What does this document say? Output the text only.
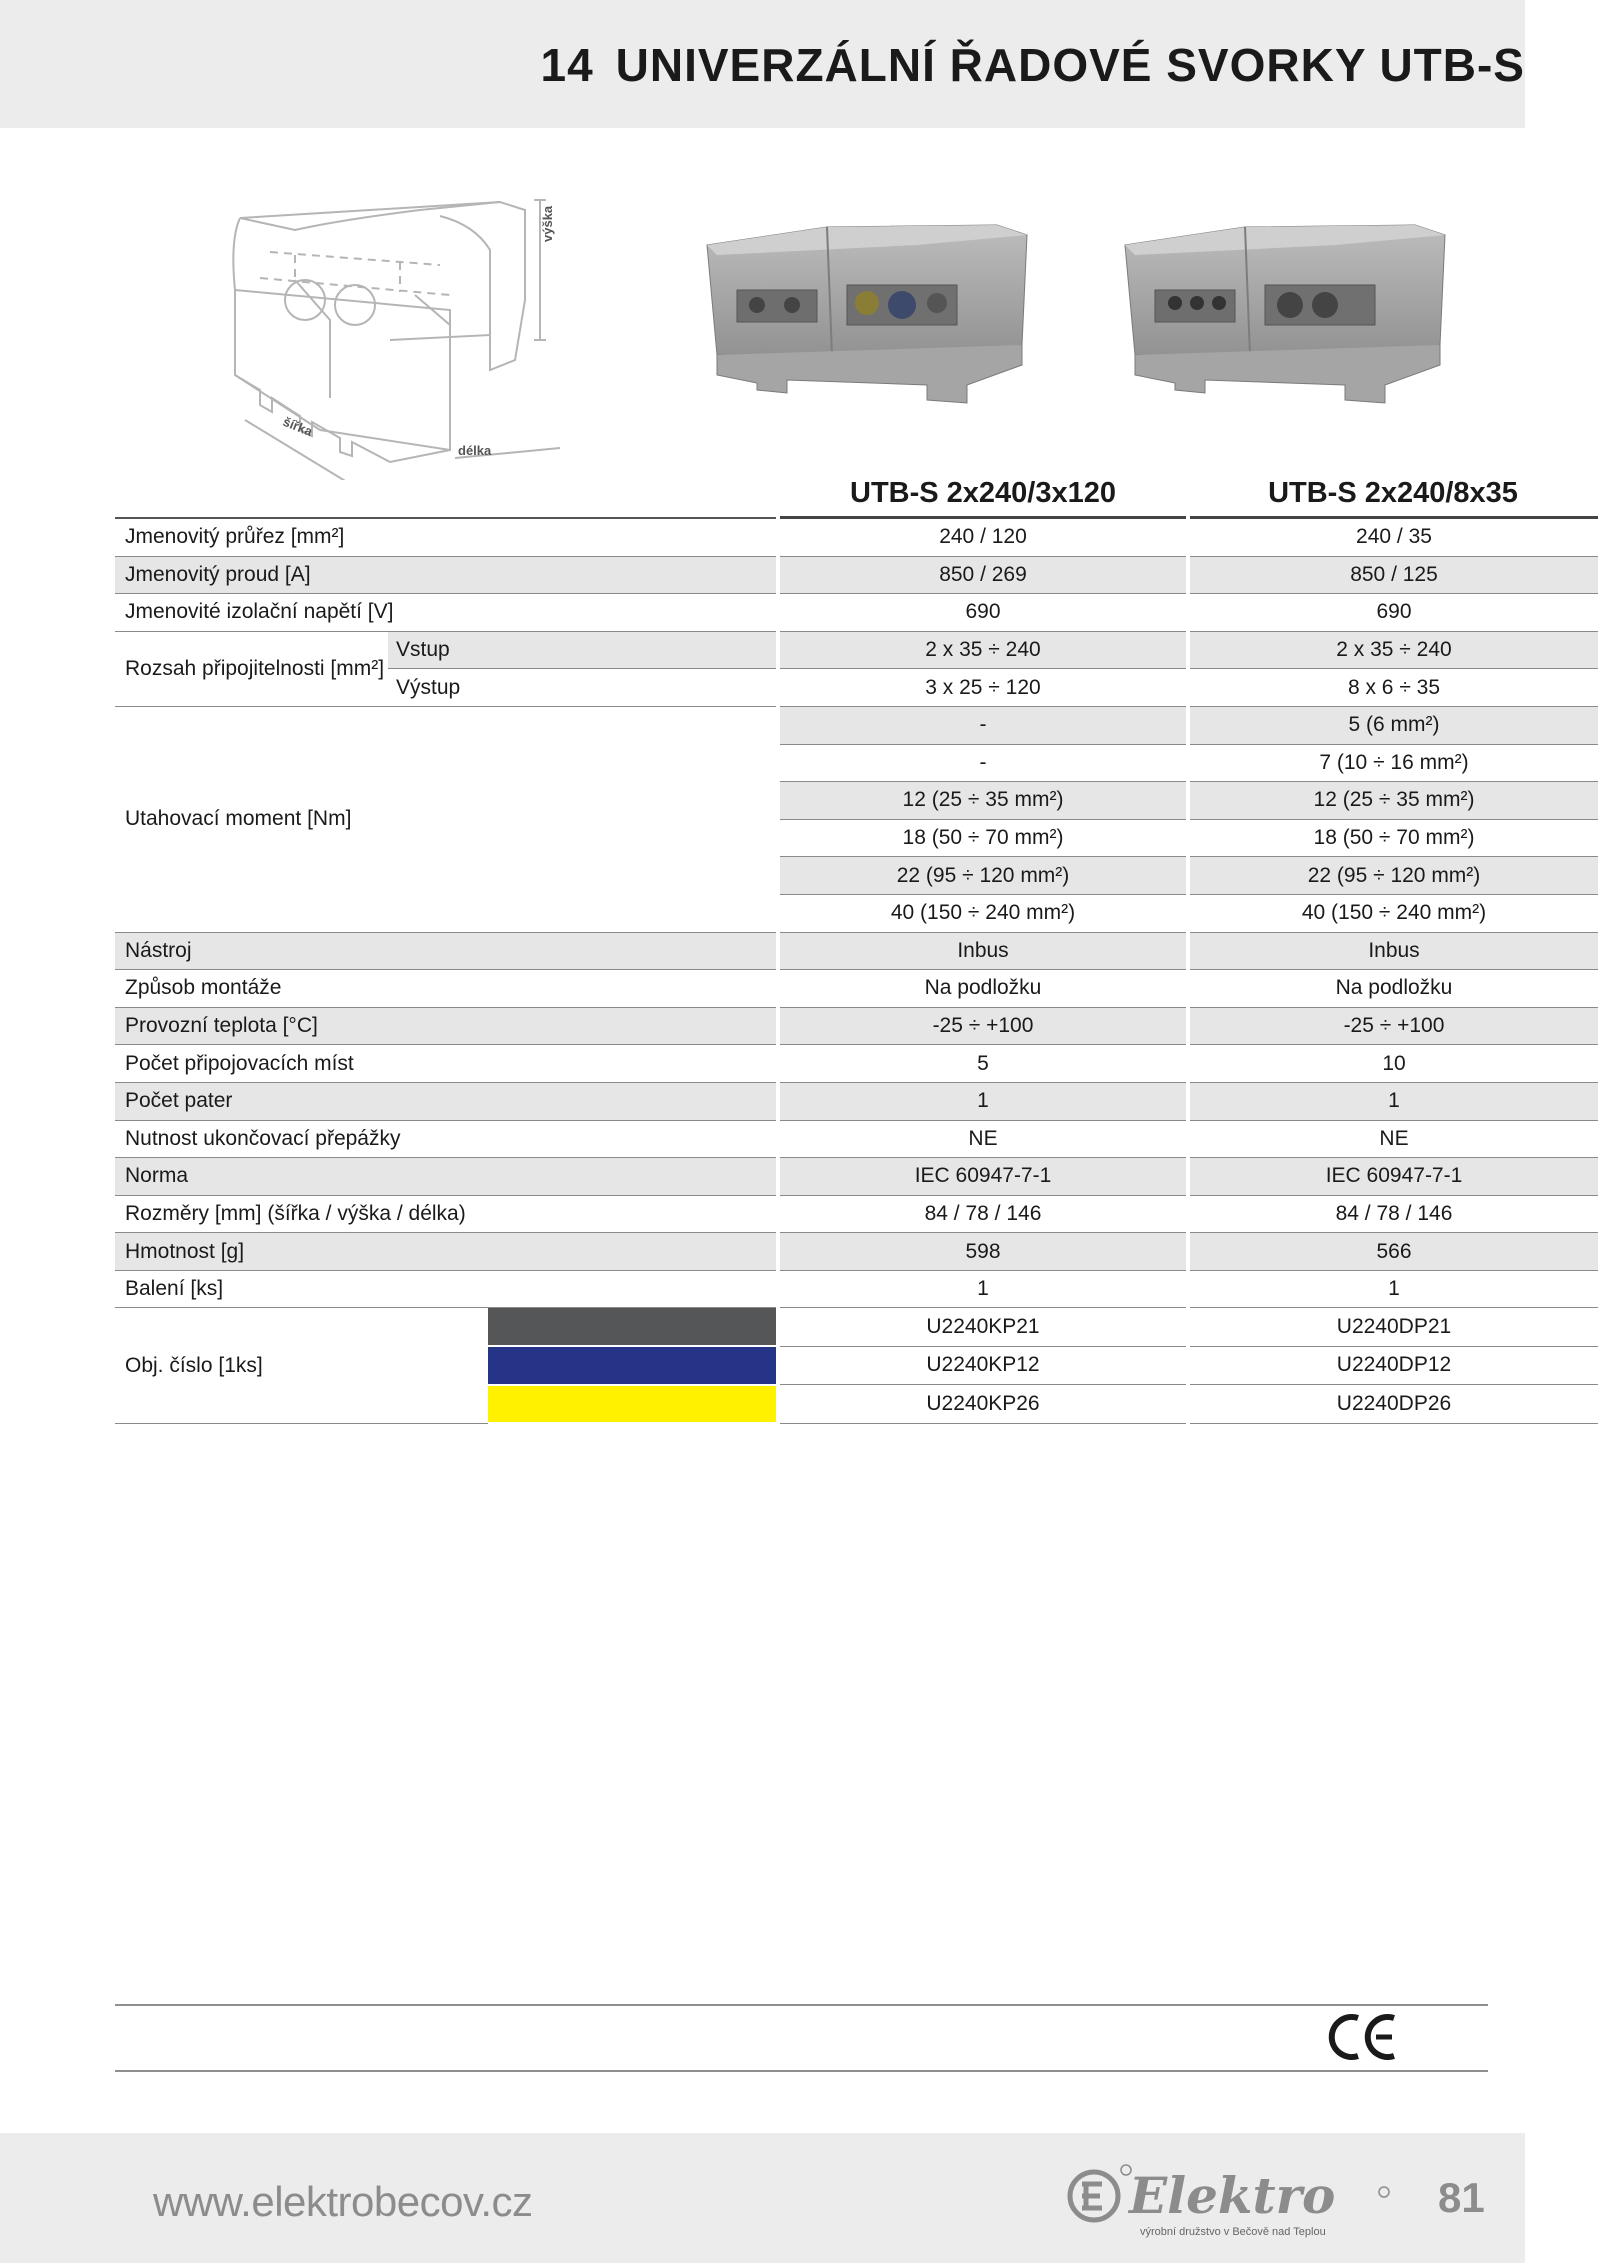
14 UNIVERZÁLNÍ ŘADOVÉ SVORKY UTB-S
výška
šířka
délka
			UTB-S 2x240/3x120	UTB-S 2x240/8x35
Jmenovitý průřez [mm²]			240 / 120	240 / 35
Jmenovitý proud [A]			850 / 269	850 / 125
Jmenovité izolační napětí [V]			690	690
Rozsah připojitelnosti [mm²]	Vstup		2 x 35 ÷ 240	2 x 35 ÷ 240
	Výstup		3 x 25 ÷ 120	8 x 6 ÷ 35
Utahovací moment [Nm]			-	5 (6 mm²)
			-	7 (10 ÷ 16 mm²)
			12 (25 ÷ 35 mm²)	12 (25 ÷ 35 mm²)
			18 (50 ÷ 70 mm²)	18 (50 ÷ 70 mm²)
			22 (95 ÷ 120 mm²)	22 (95 ÷ 120 mm²)
			40 (150 ÷ 240 mm²)	40 (150 ÷ 240 mm²)
Nástroj			Inbus	Inbus
Způsob montáže			Na podložku	Na podložku
Provozní teplota [°C]			-25 ÷ +100	-25 ÷ +100
Počet připojovacích míst			5	10
Počet pater			1	1
Nutnost ukončovací přepážky			NE	NE
Norma			IEC 60947-7-1	IEC 60947-7-1
Rozměry [mm] (šířka / výška / délka)			84 / 78 / 146	84 / 78 / 146
Hmotnost [g]			598	566
Balení [ks]			1	1
Obj. číslo [1ks]			U2240KP21	U2240DP21
			U2240KP12	U2240DP12
			U2240KP26	U2240DP26
www.elektrobecov.cz	Elektro
výrobní družstvo v Bečově nad Teplou
81
